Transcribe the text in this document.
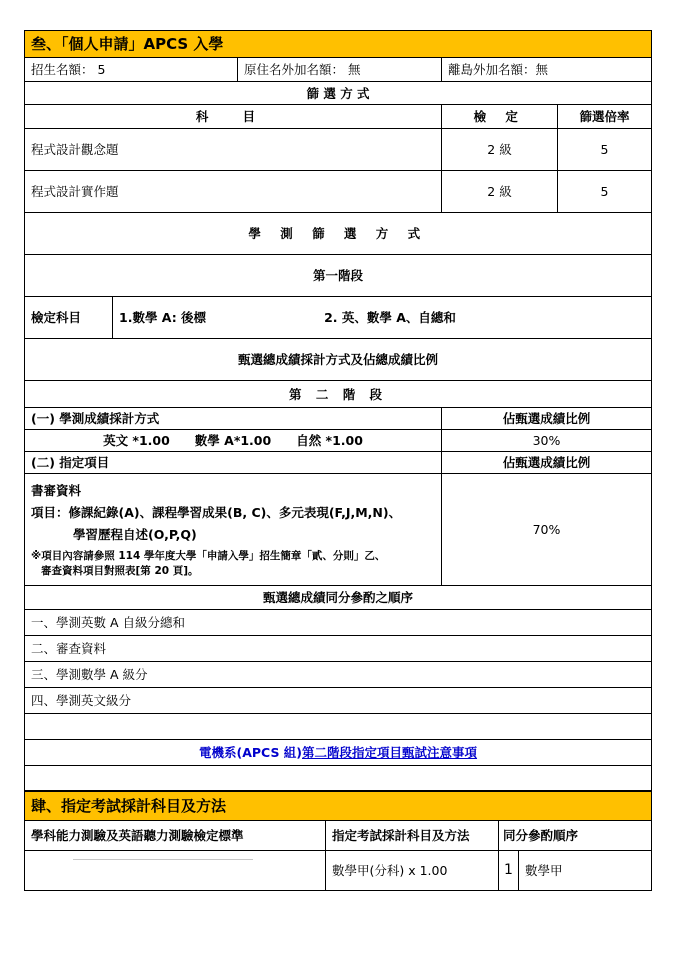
叁、「個人申請」APCS 入學				
招生名額： 5		原住名外加名額： 無	離島外加名額：無	
篩 選 方 式				
科 目			檢 定	篩選倍率
程式設計觀念題			2 級	5
程式設計實作題			2 級	5
學 測 篩 選 方 式				
第一階段				
檢定科目	1.數學 A: 後標 2. 英、數學 A、自總和			
甄選總成績採計方式及佔總成績比例				
第 二 階 段				
(一) 學測成績採計方式			佔甄選成績比例	
英文 *1.00　　數學 A*1.00　　自然 *1.00			30%	
(二) 指定項目			佔甄選成績比例	

書審資料
項目：修課紀錄(A)、課程學習成果(B, C)、多元表現(F,J,M,N)、
學習歷程自述(O,P,Q)
※項目內容請參照 114 學年度大學「申請入學」招生簡章「貳、分則」乙、
審查資料項目對照表[第 20 頁]。			70%	
甄選總成績同分參酌之順序				
一、學測英數 A 自級分總和				
二、審查資料				
三、學測數學 A 級分				
四、學測英文級分				

電機系(APCS 組)第二階段指定項目甄試注意事項				

肆、指定考試採計科目及方法			
學科能力測驗及英語聽力測驗檢定標準	指定考試採計科目及方法	同分參酌順序	

	數學甲(分科) x 1.00	1	數學甲
